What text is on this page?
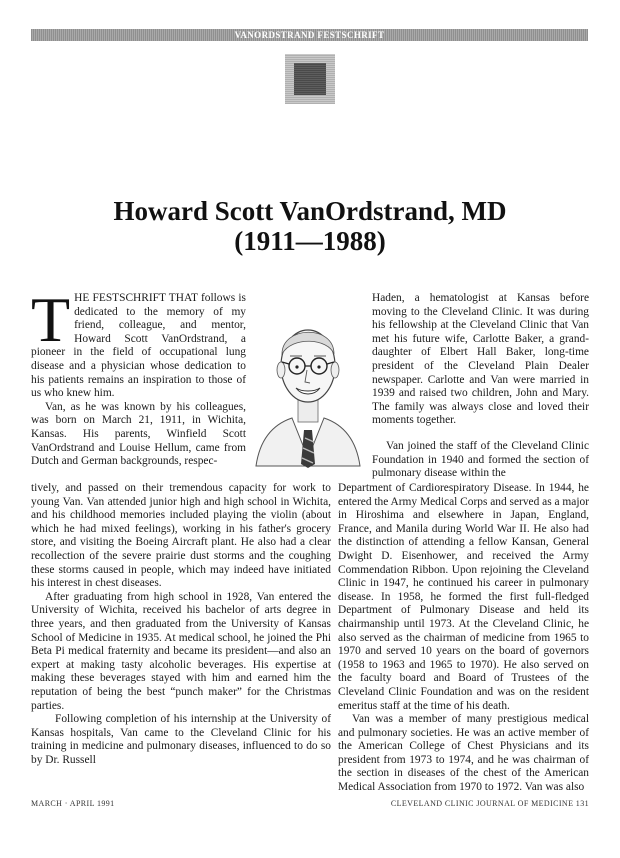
VANORDSTRAND FESTSCHRIFT
Howard Scott VanOrdstrand, MD
(1911—1988)

THE FESTSCHRIFT THAT follows is dedicated to the memory of my friend, colleague, and mentor, Howard Scott VanOrdstrand, a pioneer in the field of occupational lung disease and a physician whose dedication to his patients remains an inspiration to those of us who knew him.

Van, as he was known by his colleagues, was born on March 21, 1911, in Wichita, Kansas. His parents, Winfield Scott VanOrdstrand and Louise Hellum, came from Dutch and German backgrounds, respec-

Haden, a hematologist at Kansas before moving to the Cleveland Clinic. It was during his fellowship at the Cleveland Clinic that Van met his future wife, Carlotte Baker, a grand-daughter of Elbert Hall Baker, long-time president of the Cleveland Plain Dealer newspaper. Carlotte and Van were married in 1939 and raised two children, John and Mary. The family was always close and loved their moments together.

Van joined the staff of the Cleveland Clinic Foundation in 1940 and formed the section of pulmonary disease within the

tively, and passed on their tremendous capacity for work to young Van. Van attended junior high and high school in Wichita, and his childhood memories included playing the violin (about which he had mixed feelings), working in his father's grocery store, and visiting the Boeing Aircraft plant. He also had a clear recollection of the severe prairie dust storms and the coughing these storms caused in people, which may indeed have initiated his interest in chest diseases.

After graduating from high school in 1928, Van entered the University of Wichita, received his bachelor of arts degree in three years, and then graduated from the University of Kansas School of Medicine in 1935. At medical school, he joined the Phi Beta Pi medical fraternity and became its president—and also an expert at making tasty alcoholic beverages. His expertise at making these beverages stayed with him and earned him the reputation of being the best “punch maker” for the Christmas parties.

Following completion of his internship at the University of Kansas hospitals, Van came to the Cleveland Clinic for his training in medicine and pulmonary diseases, influenced to do so by Dr. Russell

Department of Cardiorespiratory Disease. In 1944, he entered the Army Medical Corps and served as a major in Hiroshima and elsewhere in Japan, England, France, and Manila during World War II. He also had the distinction of attending a fellow Kansan, General Dwight D. Eisenhower, and received the Army Commendation Ribbon. Upon rejoining the Cleveland Clinic in 1947, he continued his career in pulmonary disease. In 1958, he formed the first full-fledged Department of Pulmonary Disease and held its chairmanship until 1973. At the Cleveland Clinic, he also served as the chairman of medicine from 1965 to 1970 and served 10 years on the board of governors (1958 to 1963 and 1965 to 1970). He also served on the faculty board and Board of Trustees of the Cleveland Clinic Foundation and was on the resident emeritus staff at the time of his death.

Van was a member of many prestigious medical and pulmonary societies. He was an active member of the American College of Chest Physicians and its president from 1973 to 1974, and he was chairman of the section in diseases of the chest of the American Medical Association from 1970 to 1972. Van was also

MARCH · APRIL 1991	CLEVELAND CLINIC JOURNAL OF MEDICINE 131
